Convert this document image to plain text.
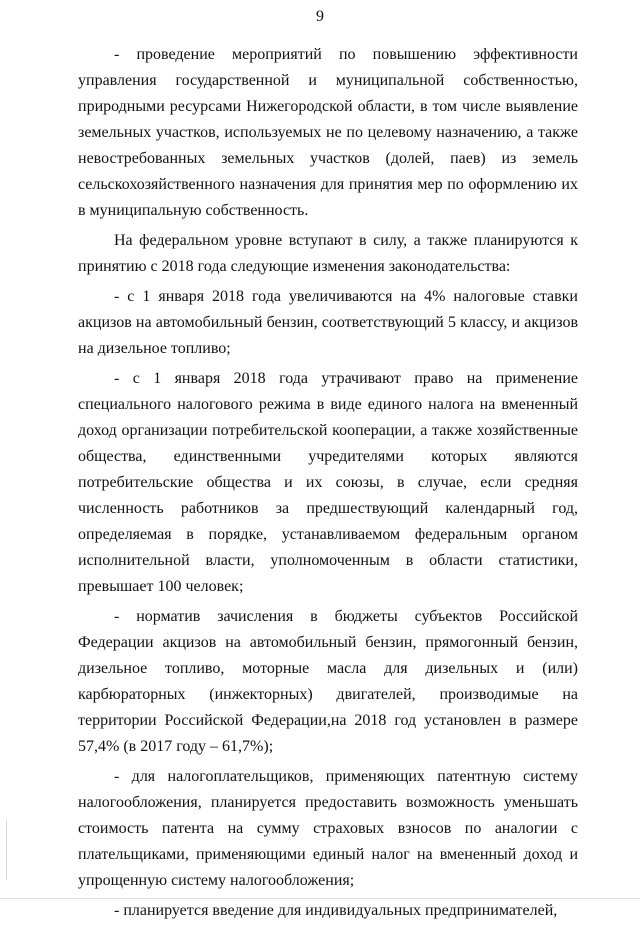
9

- проведение мероприятий по повышению эффективности управления государственной и муниципальной собственностью, природными ресурсами Нижегородской области, в том числе выявление земельных участков, используемых не по целевому назначению, а также невостребованных земельных участков (долей, паев) из земель сельскохозяйственного назначения для принятия мер по оформлению их в муниципальную собственность.

На федеральном уровне вступают в силу, а также планируются к принятию с 2018 года следующие изменения законодательства:

- с 1 января 2018 года увеличиваются на 4% налоговые ставки акцизов на автомобильный бензин, соответствующий 5 классу, и акцизов на дизельное топливо;

- с 1 января 2018 года утрачивают право на применение специального налогового режима в виде единого налога на вмененный доход организации потребительской кооперации, а также хозяйственные общества, единственными учредителями которых являются потребительские общества и их союзы, в случае, если средняя численность работников за предшествующий календарный год, определяемая в порядке, устанавливаемом федеральным органом исполнительной власти, уполномоченным в области статистики, превышает 100 человек;

- норматив зачисления в бюджеты субъектов Российской Федерации акцизов на автомобильный бензин, прямогонный бензин, дизельное топливо, моторные масла для дизельных и (или) карбюраторных (инжекторных) двигателей, производимые на территории Российской Федерации,на 2018 год установлен в размере 57,4% (в 2017 году – 61,7%);

- для налогоплательщиков, применяющих патентную систему налогообложения, планируется предоставить возможность уменьшать стоимость патента на сумму страховых взносов по аналогии с плательщиками, применяющими единый налог на вмененный доход и упрощенную систему налогообложения;

- планируется введение для индивидуальных предпринимателей,
